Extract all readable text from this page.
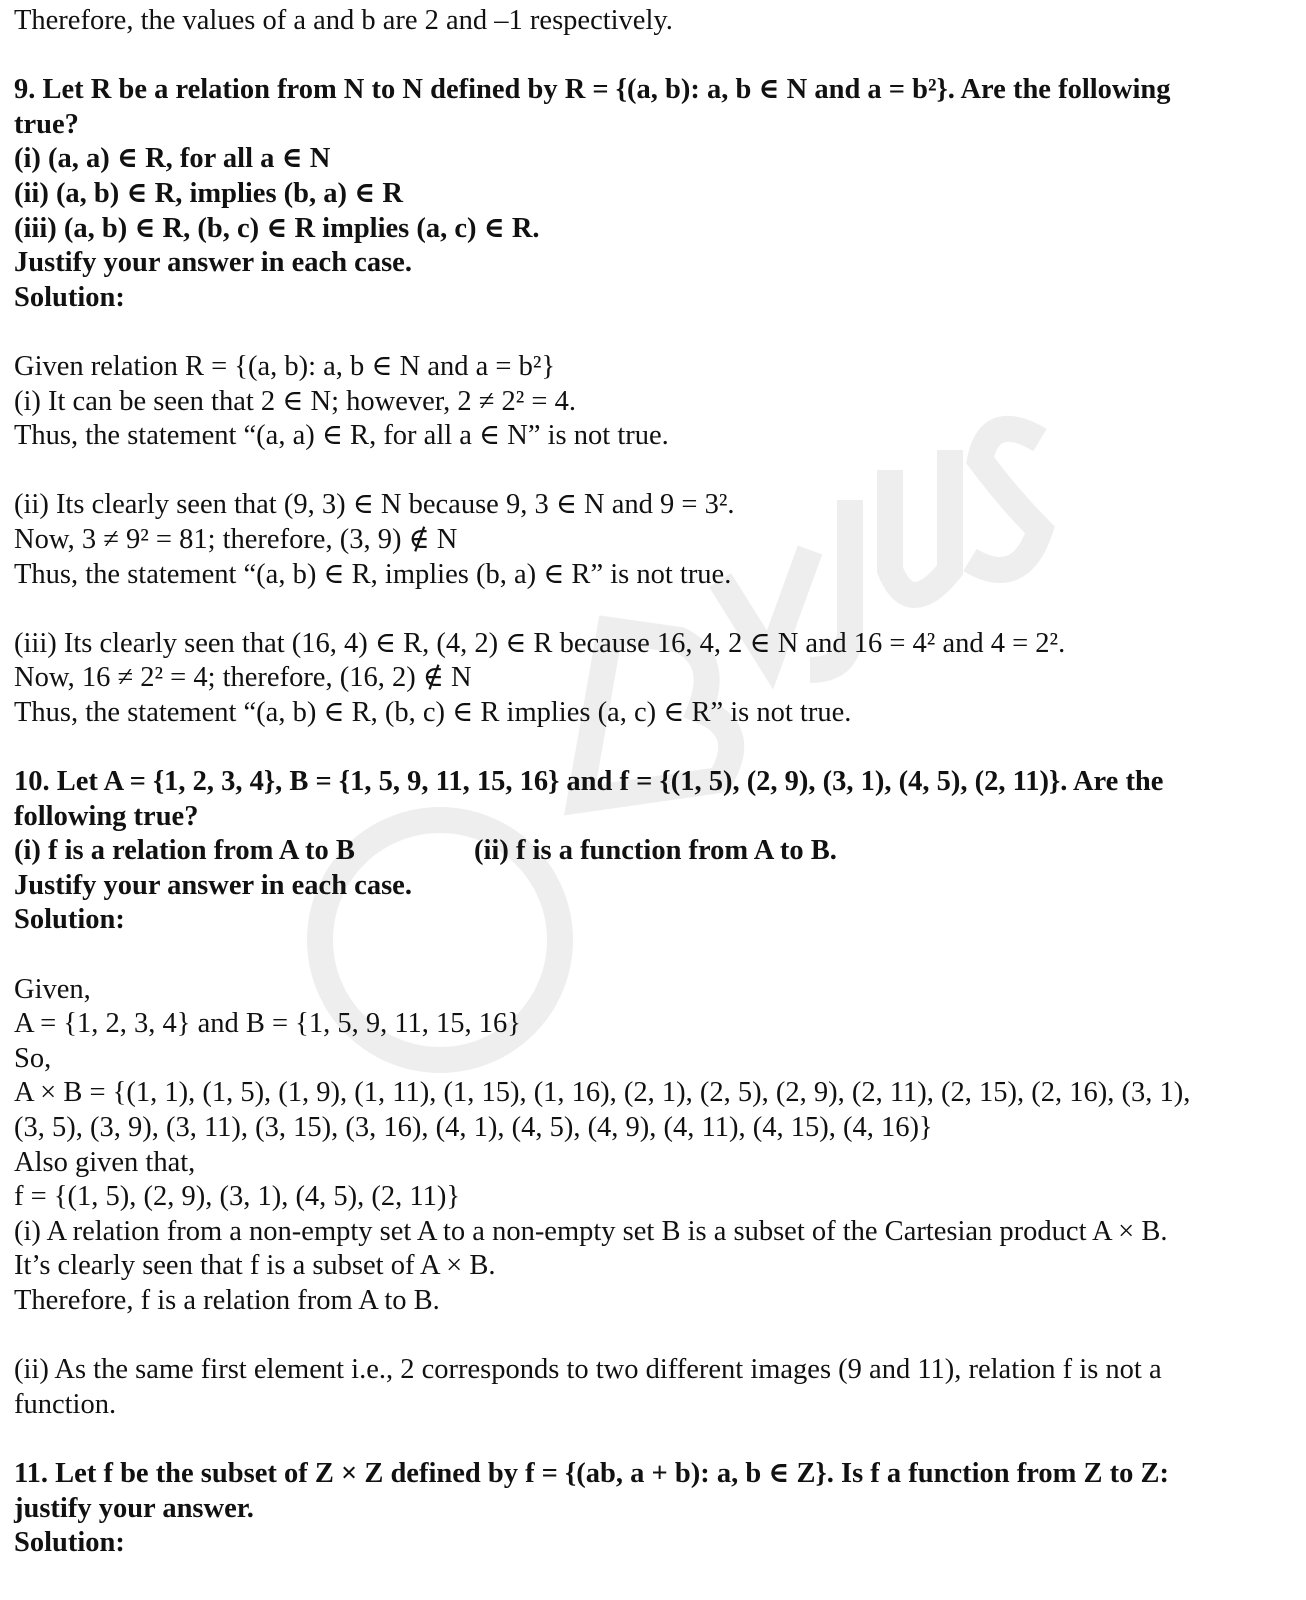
BYJU'S
Therefore, the values of a and b are 2 and –1 respectively.
9. Let R be a relation from N to N defined by R = {(a, b): a, b ∈ N and a = b²}. Are the following
true?
(i) (a, a) ∈ R, for all a ∈ N
(ii) (a, b) ∈ R, implies (b, a) ∈ R
(iii) (a, b) ∈ R, (b, c) ∈ R implies (a, c) ∈ R.
Justify your answer in each case.
Solution:
Given relation R = {(a, b): a, b ∈ N and a = b²}
(i) It can be seen that 2 ∈ N; however, 2 ≠ 2² = 4.
Thus, the statement “(a, a) ∈ R, for all a ∈ N” is not true.
(ii) Its clearly seen that (9, 3) ∈ N because 9, 3 ∈ N and 9 = 3².
Now, 3 ≠ 9² = 81; therefore, (3, 9) ∉ N
Thus, the statement “(a, b) ∈ R, implies (b, a) ∈ R” is not true.
(iii) Its clearly seen that (16, 4) ∈ R, (4, 2) ∈ R because 16, 4, 2 ∈ N and 16 = 4² and 4 = 2².
Now, 16 ≠ 2² = 4; therefore, (16, 2) ∉ N
Thus, the statement “(a, b) ∈ R, (b, c) ∈ R implies (a, c) ∈ R” is not true.
10. Let A = {1, 2, 3, 4}, B = {1, 5, 9, 11, 15, 16} and f = {(1, 5), (2, 9), (3, 1), (4, 5), (2, 11)}. Are the
following true?
(i) f is a relation from A to B	(ii) f is a function from A to B.
Justify your answer in each case.
Solution:
Given,
A = {1, 2, 3, 4} and B = {1, 5, 9, 11, 15, 16}
So,
A × B = {(1, 1), (1, 5), (1, 9), (1, 11), (1, 15), (1, 16), (2, 1), (2, 5), (2, 9), (2, 11), (2, 15), (2, 16), (3, 1),
(3, 5), (3, 9), (3, 11), (3, 15), (3, 16), (4, 1), (4, 5), (4, 9), (4, 11), (4, 15), (4, 16)}
Also given that,
f = {(1, 5), (2, 9), (3, 1), (4, 5), (2, 11)}
(i) A relation from a non-empty set A to a non-empty set B is a subset of the Cartesian product A × B.
It’s clearly seen that f is a subset of A × B.
Therefore, f is a relation from A to B.
(ii) As the same first element i.e., 2 corresponds to two different images (9 and 11), relation f is not a
function.
11. Let f be the subset of Z × Z defined by f = {(ab, a + b): a, b ∈ Z}. Is f a function from Z to Z:
justify your answer.
Solution:
